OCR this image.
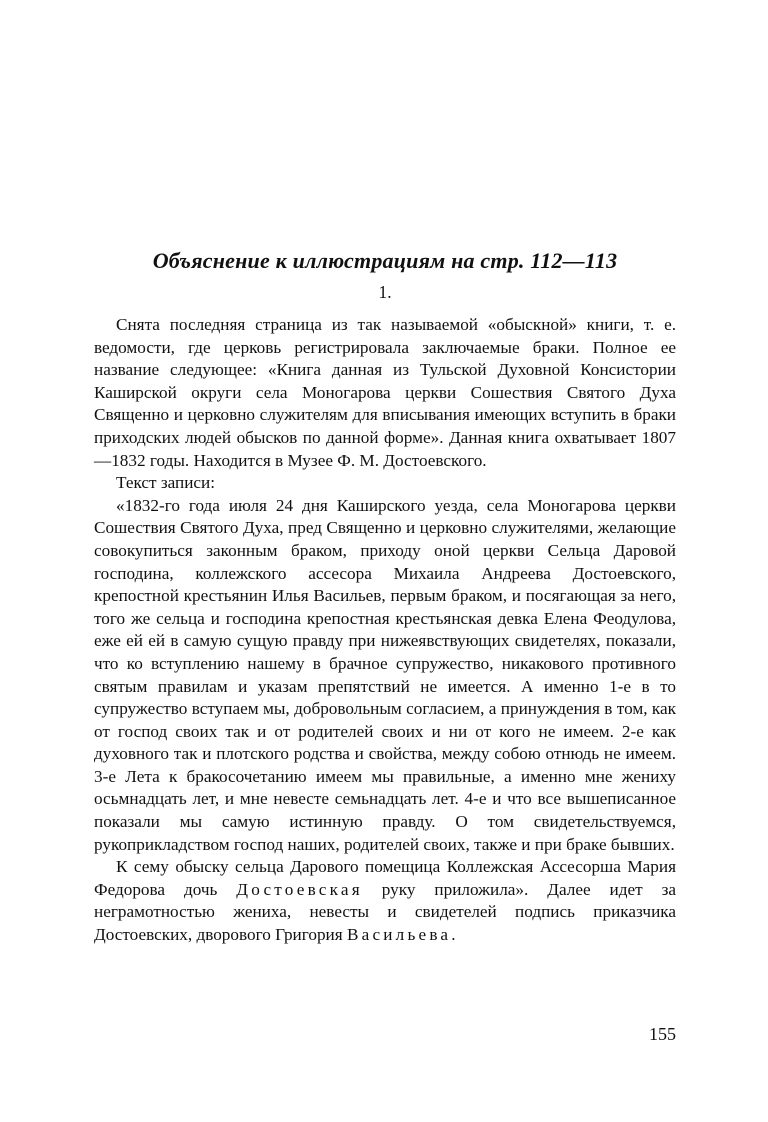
Объяснение к иллюстрациям на стр. 112—113
1.

Снята последняя страница из так называемой «обыскной» книги, т. е. ведомости, где церковь регистрировала заключаемые браки. Полное ее название следующее: «Книга данная из Тульской Духовной Консистории Каширской округи села Моногарова церкви Сошествия Святого Духа Священно и церковно служителям для вписывания имеющих вступить в браки приходских людей обысков по данной форме». Данная книга охватывает 1807—1832 годы. Находится в Музее Ф. М. Достоевского.

Текст записи:

«1832-го года июля 24 дня Каширского уезда, села Моногарова церкви Сошествия Святого Духа, пред Священно и церковно служителями, желающие совокупиться законным браком, приходу оной церкви Сельца Даровой господина, коллежского ассесора Михаила Андреева Достоевского, крепостной крестьянин Илья Васильев, первым браком, и посягающая за него, того же сельца и господина крепостная крестьянская девка Елена Феодулова, еже ей ей в самую сущую правду при нижеявствующих свидетелях, показали, что ко вступлению нашему в брачное супружество, никакового противного святым правилам и указам препятствий не имеется. А именно 1-е в то супружество вступаем мы, добровольным согласием, а принуждения в том, как от господ своих так и от родителей своих и ни от кого не имеем. 2-е как духовного так и плотского родства и свойства, между собою отнюдь не имеем. 3-е Лета к бракосочетанию имеем мы правильные, а именно мне жениху осьмнадцать лет, и мне невесте семьнадцать лет. 4-е и что все вышеписанное показали мы самую истинную правду. О том свидетельствуемся, рукоприкладством господ наших, родителей своих, также и при браке бывших.

К сему обыску сельца Дарового помещица Коллежская Ассесорша Мария Федорова дочь Достоевская руку приложила». Далее идет за неграмотностью жениха, невесты и свидетелей подпись приказчика Достоевских, дворового Григория Васильева.

155
